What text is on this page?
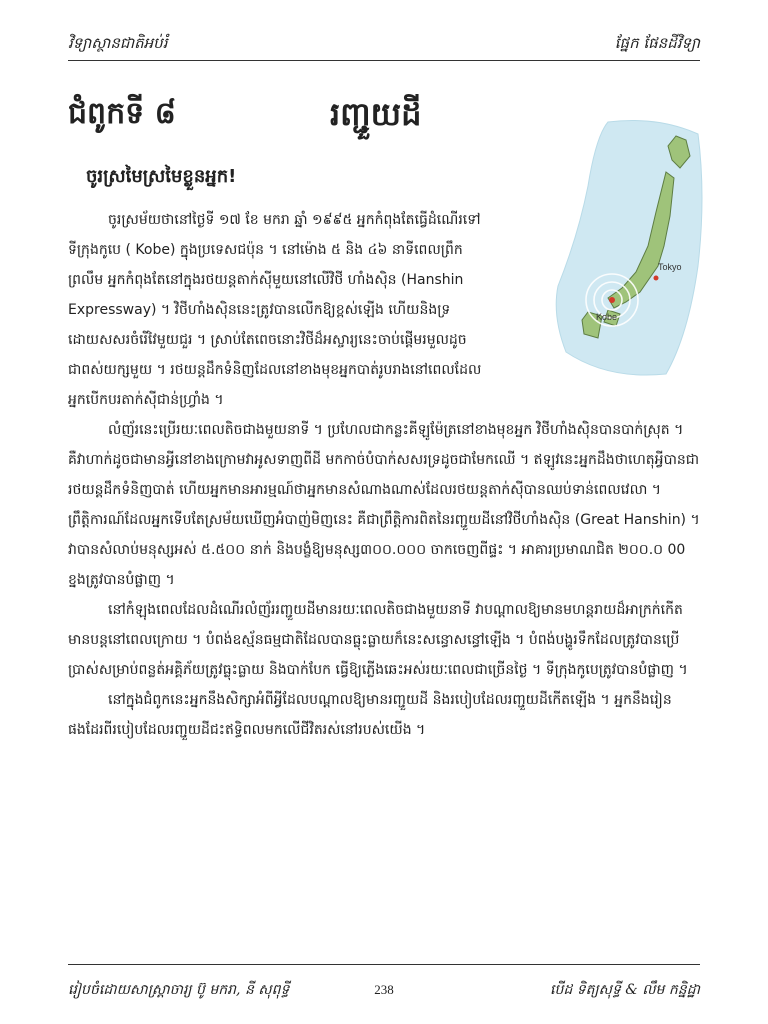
វិទ្យាស្ថានជាតិអប់រំ	ផ្នែក ផែនដីវិទ្យា
ជំពូកទី ៨	រញ្ជួយដី
ចូរស្រមៃស្រមៃខ្លួនអ្នក!
Tokyo
Kobe

ចូរស្រម័យថានៅថ្ងៃទី ១៧ ខែ មករា ឆ្នាំ ១៩៩៥ អ្នកកំពុងតែធ្វើដំណើរទៅ ទីក្រុងកូបេ ( Kobe) ក្នុងប្រទេសជប៉ុន ។ នៅម៉ោង ៥ និង ៤៦ នាទីពេលព្រឹកព្រលឹម អ្នកកំពុងតែនៅក្នុងរថយន្តតាក់ស៊ីមួយនៅលើវិថី ហាំងស៊ិន (Hanshin Expressway) ។ វិថីហាំងស៊ិននេះត្រូវបានលើកឱ្យខ្ពស់ឡើង ហើយនិងទ្រដោយសសរចំរើវៃមួយជួរ ។ ស្រាប់តែពេចនោះវិថីដ៏អស្ចារ្យនេះចាប់ផ្ដើមរមួលដូចជាពស់យក្សមួយ ។ រថយន្តដឹកទំនិញដែលនៅខាងមុខអ្នកបាត់រូបរាងនៅពេលដែលអ្នកបើកបរតាក់ស៊ីជាន់ហ្វ្រាំង ។

លំញ័រនេះប្រើរយៈពេលតិចជាងមួយនាទី ។ ប្រហែលជាកន្លះគីឡូម៉ែត្រនៅខាងមុខអ្នក វិថីហាំងស៊ិនបានបាក់ស្រុត ។ គឺវាហាក់ដូចជាមានអ្វីនៅខាងក្រោមវាអូសទាញពីដី មកកាច់បំបាក់សសរទ្រដូចជាមែកឈើ ។ ឥឡូវនេះអ្នកដឹងថាហេតុអ្វីបានជារថយន្តដឹកទំនិញបាត់ ហើយអ្នកមានអារម្មណ៍ថាអ្នកមានសំណាងណាស់ដែលរថយន្តតាក់ស៊ីបានឈប់ទាន់ពេលវេលា ។ ព្រឹត្តិការណ៍ដែលអ្នកទើបតែស្រម័យឃើញអំបាញ់មិញនេះ គឺជាព្រឹត្តិការពិតនៃរញ្ជួយដីនៅវិថីហាំងស៊ិន (Great Hanshin) ។ វាបានសំលាប់មនុស្សអស់ ៥.៥០០ នាក់ និងបង្ខំឱ្យមនុស្ស៣០០.០០០ ចាកចេញពីផ្ទះ ។ អាគារប្រមាណជិត ២០០.០ 00 ខ្នងត្រូវបានបំផ្លាញ ។

នៅកំឡុងពេលដែលដំណើរលំញ័ររញ្ជួយដីមានរយៈពេលតិចជាងមួយនាទី វាបណ្ដាលឱ្យមានមហន្តរាយដ៏អាក្រក់កើតមានបន្តនៅពេលក្រោយ ។ បំពង់ឧស្ម័នធម្មជាតិដែលបានធ្លុះធ្លាយក៏នេះសន្ធោសន្ធៅឡើង ។ បំពង់បង្ហូរទឹកដែលត្រូវបានប្រើប្រាស់សម្រាប់ពន្លត់អគ្គិភ័យត្រូវធ្លុះធ្លាយ និងបាក់បែក ធ្វើឱ្យភ្លើងឆេះអស់រយៈពេលជាច្រើនថ្ងៃ ។ ទីក្រុងកូបេត្រូវបានបំផ្លាញ ។

នៅក្នុងជំពូកនេះអ្នកនឹងសិក្សាអំពីអ្វីដែលបណ្ដាលឱ្យមានរញ្ជួយដី និងរបៀបដែលរញ្ជួយដីកើតឡើង ។ អ្នកនឹងរៀនផងដែរពីរបៀបដែលរញ្ជួយដីជះឥទ្ធិពលមកលើជីវិតរស់នៅរបស់យើង ។

រៀបចំដោយសាស្ត្រាចារ្យ ប៊ូ មករា, នី សុពុទ្ធី	238	បេីដ ទិត្យសុទ្ធី & លឹម កន្និដ្ឋា
